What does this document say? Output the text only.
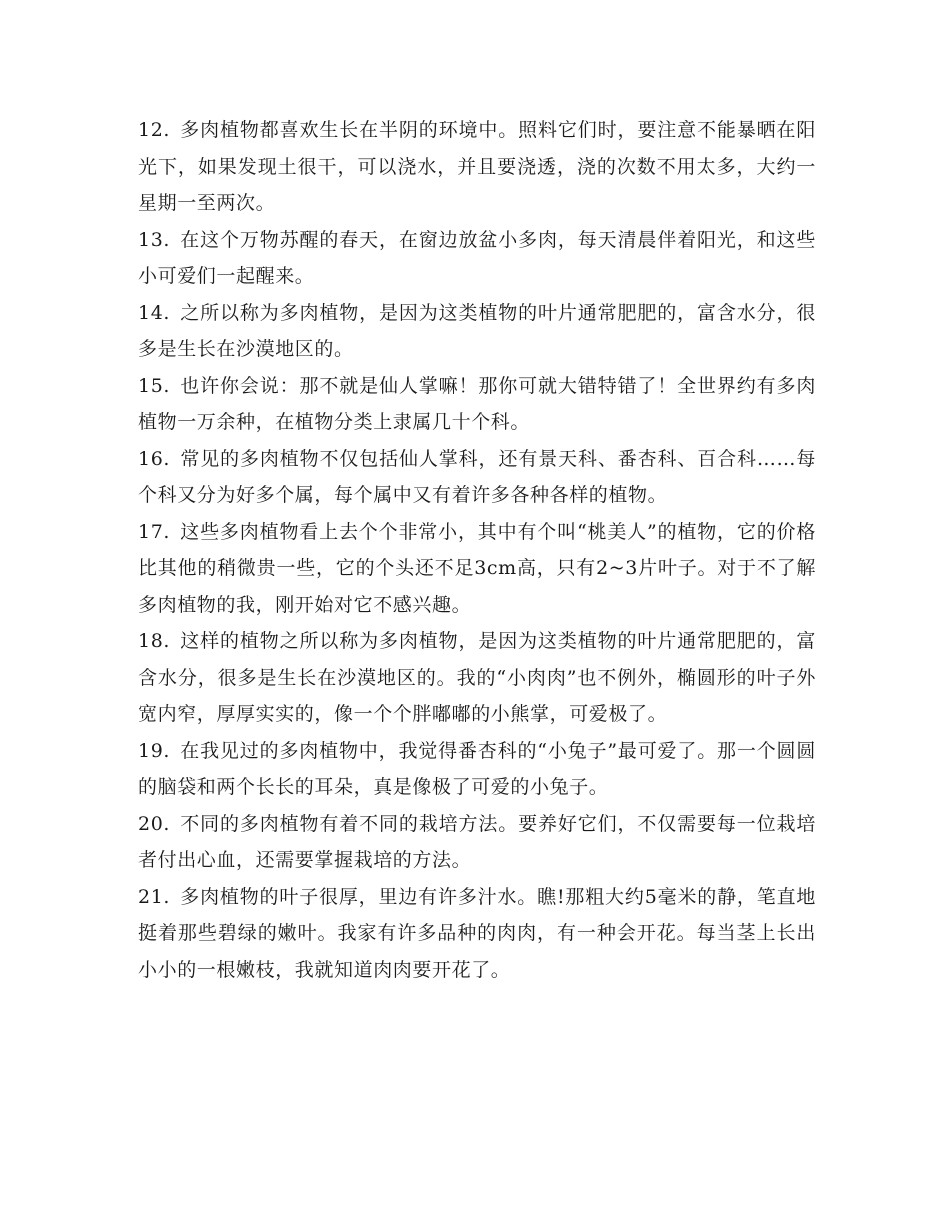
12. 多肉植物都喜欢生长在半阴的环境中。照料它们时，要注意不能暴晒在阳光下，如果发现土很干，可以浇水，并且要浇透，浇的次数不用太多，大约一星期一至两次。

13. 在这个万物苏醒的春天，在窗边放盆小多肉，每天清晨伴着阳光，和这些小可爱们一起醒来。

14. 之所以称为多肉植物，是因为这类植物的叶片通常肥肥的，富含水分，很多是生长在沙漠地区的。

15. 也许你会说：那不就是仙人掌嘛！那你可就大错特错了！全世界约有多肉植物一万余种，在植物分类上隶属几十个科。

16. 常见的多肉植物不仅包括仙人掌科，还有景天科、番杏科、百合科……每个科又分为好多个属，每个属中又有着许多各种各样的植物。

17. 这些多肉植物看上去个个非常小，其中有个叫“桃美人”的植物，它的价格比其他的稍微贵一些，它的个头还不足3cm高，只有2~3片叶子。对于不了解多肉植物的我，刚开始对它不感兴趣。

18. 这样的植物之所以称为多肉植物，是因为这类植物的叶片通常肥肥的，富含水分，很多是生长在沙漠地区的。我的“小肉肉”也不例外，椭圆形的叶子外宽内窄，厚厚实实的，像一个个胖嘟嘟的小熊掌，可爱极了。

19. 在我见过的多肉植物中，我觉得番杏科的“小兔子”最可爱了。那一个圆圆的脑袋和两个长长的耳朵，真是像极了可爱的小兔子。

20. 不同的多肉植物有着不同的栽培方法。要养好它们，不仅需要每一位栽培者付出心血，还需要掌握栽培的方法。

21. 多肉植物的叶子很厚，里边有许多汁水。瞧!那粗大约5毫米的静，笔直地挺着那些碧绿的嫩叶。我家有许多品种的肉肉，有一种会开花。每当茎上长出小小的一根嫩枝，我就知道肉肉要开花了。
